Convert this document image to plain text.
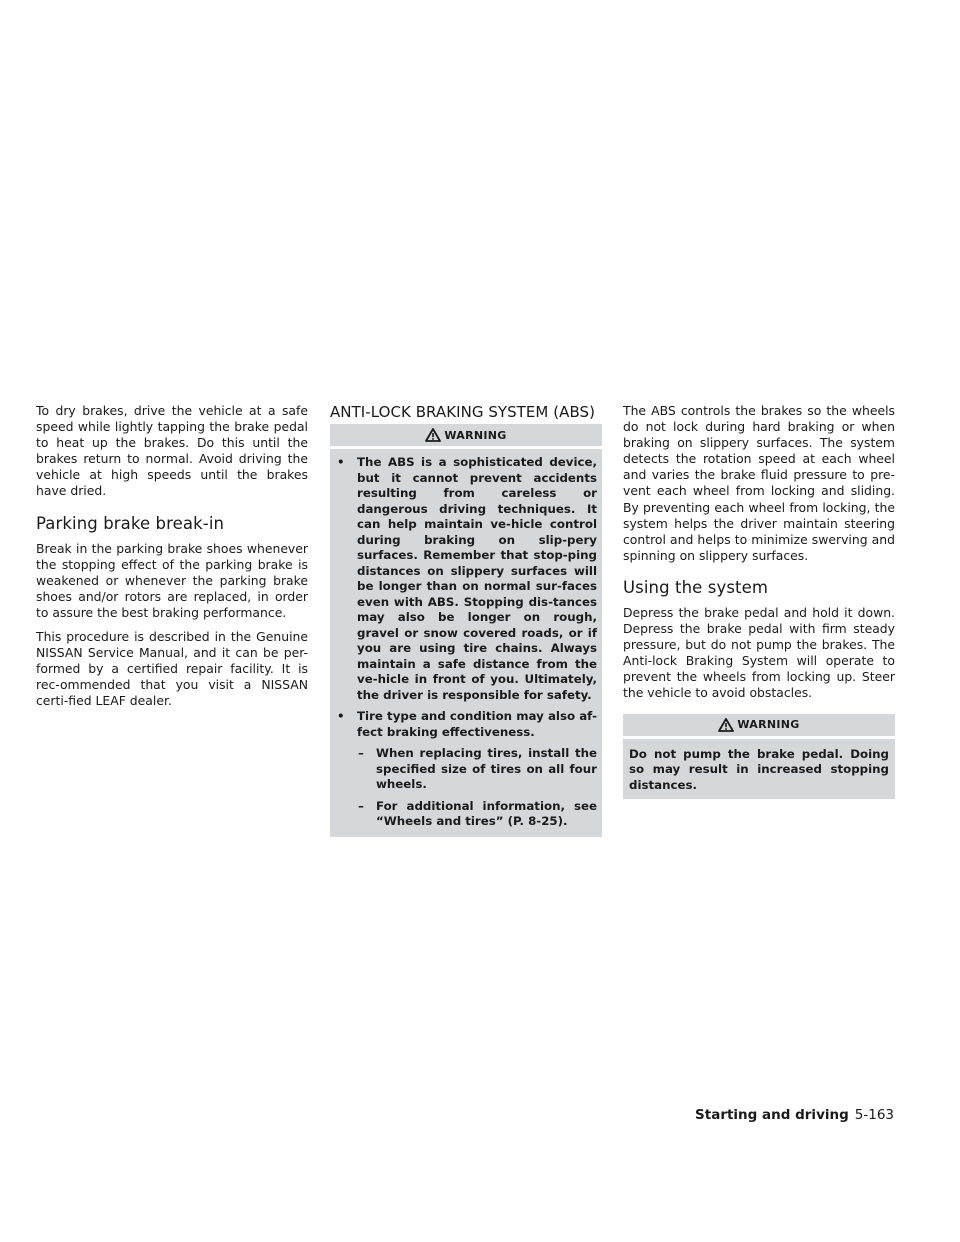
To dry brakes, drive the vehicle at a safe speed while lightly tapping the brake pedal to heat up the brakes. Do this until the brakes return to normal. Avoid driving the vehicle at high speeds until the brakes have dried.

Parking brake break-in

Break in the parking brake shoes whenever the stopping effect of the parking brake is weakened or whenever the parking brake shoes and/or rotors are replaced, in order to assure the best braking performance.

This procedure is described in the Genuine NISSAN Service Manual, and it can be per-formed by a certified repair facility. It is rec-ommended that you visit a NISSAN certi-fied LEAF dealer.

ANTI-LOCK BRAKING SYSTEM (ABS)
WARNING
•	The ABS is a sophisticated device, but it cannot prevent accidents resulting from careless or dangerous driving techniques. It can help maintain ve-hicle control during braking on slip-pery surfaces. Remember that stop-ping distances on slippery surfaces will be longer than on normal sur-faces even with ABS. Stopping dis-tances may also be longer on rough, gravel or snow covered roads, or if you are using tire chains. Always maintain a safe distance from the ve-hicle in front of you. Ultimately, the driver is responsible for safety.
•	Tire type and condition may also af-fect braking effectiveness.
–	When replacing tires, install the specified size of tires on all four wheels.
–	For additional information, see “Wheels and tires” (P. 8-25).

The ABS controls the brakes so the wheels do not lock during hard braking or when braking on slippery surfaces. The system detects the rotation speed at each wheel and varies the brake fluid pressure to pre-vent each wheel from locking and sliding. By preventing each wheel from locking, the system helps the driver maintain steering control and helps to minimize swerving and spinning on slippery surfaces.

Using the system

Depress the brake pedal and hold it down. Depress the brake pedal with firm steady pressure, but do not pump the brakes. The Anti-lock Braking System will operate to prevent the wheels from locking up. Steer the vehicle to avoid obstacles.

WARNING
Do not pump the brake pedal. Doing so may result in increased stopping distances.
Starting and driving 5-163
